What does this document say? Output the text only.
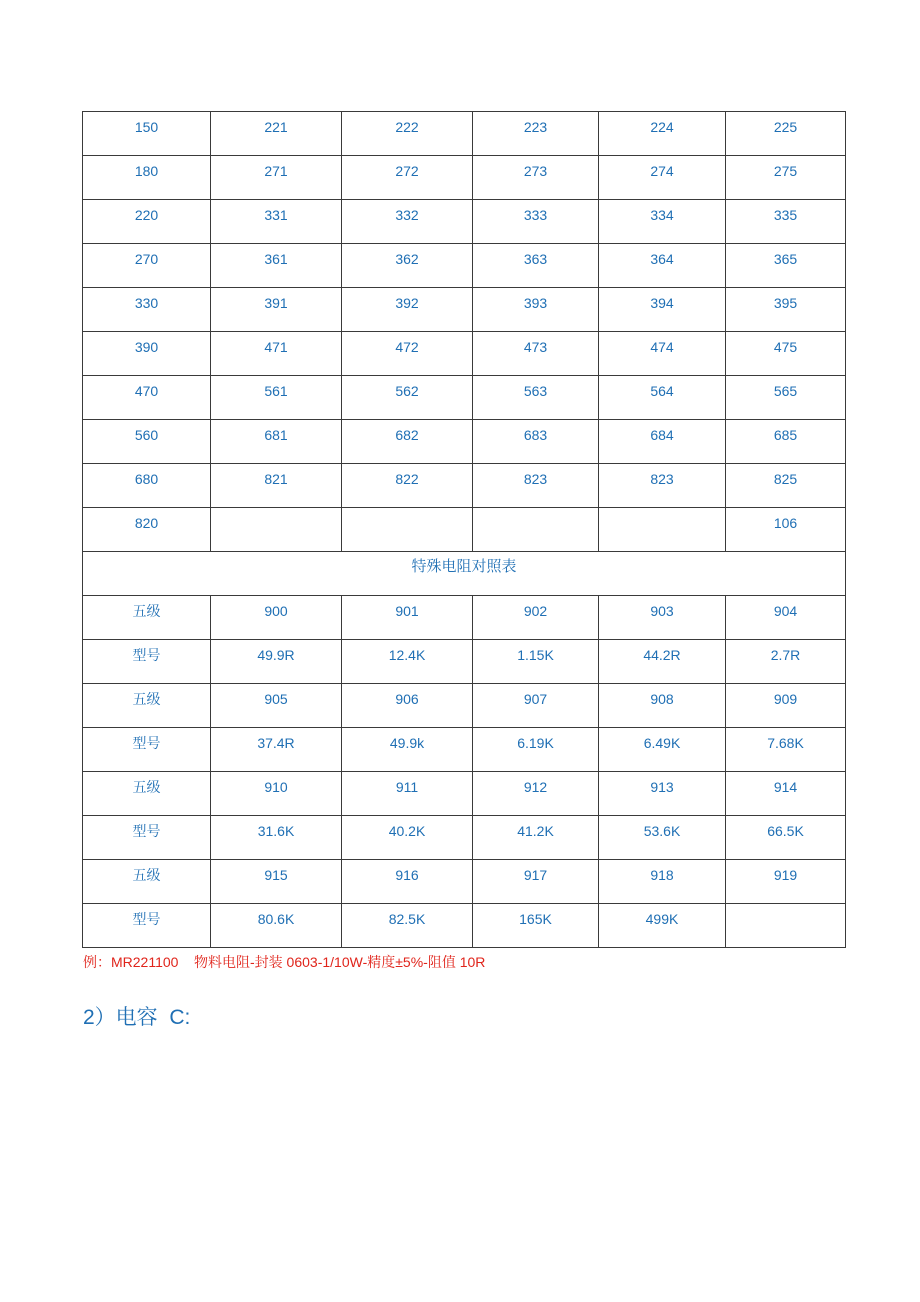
150	221	222	223	224	225
180	271	272	273	274	275
220	331	332	333	334	335
270	361	362	363	364	365
330	391	392	393	394	395
390	471	472	473	474	475
470	561	562	563	564	565
560	681	682	683	684	685
680	821	822	823	823	825
820					106
特殊电阻对照表					
五级	900	901	902	903	904
型号	49.9R	12.4K	1.15K	44.2R	2.7R
五级	905	906	907	908	909
型号	37.4R	49.9k	6.19K	6.49K	7.68K
五级	910	911	912	913	914
型号	31.6K	40.2K	41.2K	53.6K	66.5K
五级	915	916	917	918	919
型号	80.6K	82.5K	165K	499K	
例：MR221100    物料电阻-封装 0603-1/10W-精度±5%-阻值 10R
2）电容  C:
